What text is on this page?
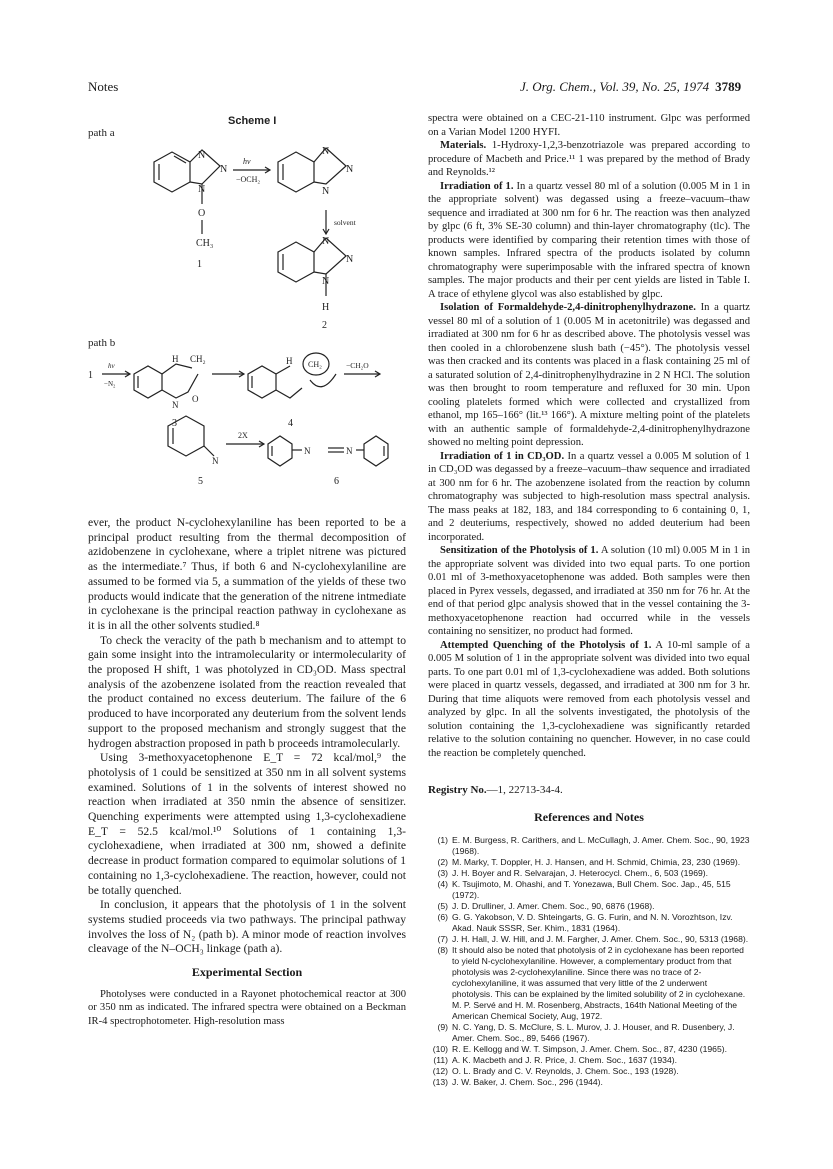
Notes	J. Org. Chem., Vol. 39, No. 25, 1974 3789
Scheme I
path a
hν
−OCH₂
N
N
N
O
CH₃
1
N
N
N
solvent
N
N
N
H
2
path b
1
hν
−N₂
H CH₂
N
O
3
H CH₂	−CH₂O
4
N
2X
N	N
5	6

ever, the product N-cyclohexylaniline has been reported to be a principal product resulting from the thermal decomposition of azidobenzene in cyclohexane, where a triplet nitrene was pictured as the intermediate.⁷ Thus, if both 6 and N-cyclohexylaniline are assumed to be formed via 5, a summation of the yields of these two products would indicate that the generation of the nitrene intmediate in cyclohexane is the principal reaction pathway in cyclohexane as it is in all the other solvents studied.⁸

To check the veracity of the path b mechanism and to attempt to gain some insight into the intramolecularity or intermolecularity of the proposed H shift, 1 was photolyzed in CD₃OD. Mass spectral analysis of the azobenzene isolated from the reaction revealed that the product contained no excess deuterium. The failure of the 6 produced to have incorporated any deuterium from the solvent lends support to the proposed mechanism and strongly suggest that the hydrogen abstraction proposed in path b proceeds intramolecularly.

Using 3-methoxyacetophenone E_T = 72 kcal/mol,⁹ the photolysis of 1 could be sensitized at 350 nm in all solvent systems examined. Solutions of 1 in the solvents of interest showed no reaction when irradiated at 350 nmin the absence of sensitizer. Quenching experiments were attempted using 1,3-cyclohexadiene E_T = 52.5 kcal/mol.¹⁰ Solutions of 1 containing 1,3-cyclohexadiene, when irradiated at 300 nm, showed a definite decrease in product formation compared to equimolar solutions of 1 containing no 1,3-cyclohexadiene. The reaction, however, could not be totally quenched.

In conclusion, it appears that the photolysis of 1 in the solvent systems studied proceeds via two pathways. The principal pathway involves the loss of N₂ (path b). A minor mode of reaction involves cleavage of the N–OCH₃ linkage (path a).

Experimental Section

Photolyses were conducted in a Rayonet photochemical reactor at 300 or 350 nm as indicated. The infrared spectra were obtained on a Beckman IR-4 spectrophotometer. High-resolution mass

spectra were obtained on a CEC-21-110 instrument. Glpc was performed on a Varian Model 1200 HYFI.

Materials. 1-Hydroxy-1,2,3-benzotriazole was prepared according to procedure of Macbeth and Price.¹¹ 1 was prepared by the method of Brady and Reynolds.¹²

Irradiation of 1. In a quartz vessel 80 ml of a solution (0.005 M in 1 in the appropriate solvent) was degassed using a freeze–vacuum–thaw sequence and irradiated at 300 nm for 6 hr. The reaction was then analyzed by glpc (6 ft, 3% SE-30 column) and thin-layer chromatography (tlc). The products were identified by comparing their retention times with those of known samples. Infrared spectra of the products isolated by column chromatography were superimposable with the infrared spectra of known samples. The major products and their per cent yields are listed in Table I. A trace of ethylene glycol was also established by glpc.

Isolation of Formaldehyde-2,4-dinitrophenylhydrazone. In a quartz vessel 80 ml of a solution of 1 (0.005 M in acetonitrile) was degassed and irradiated at 300 nm for 6 hr as described above. The photolysis vessel was then cooled in a chlorobenzene slush bath (−45°). The photolysis vessel was then cracked and its contents was placed in a flask containing 25 ml of a saturated solution of 2,4-dinitrophenylhydrazine in 2 N HCl. The solution was then brought to room temperature and refluxed for 30 min. Upon cooling platelets formed which were collected and crystallized from ethanol, mp 165–166° (lit.¹³ 166°). A mixture melting point of the platelets with an authentic sample of formaldehyde-2,4-dinitrophenylhydrazone showed no melting point depression.

Irradiation of 1 in CD₃OD. In a quartz vessel a 0.005 M solution of 1 in CD₃OD was degassed by a freeze–vacuum–thaw sequence and irradiated at 300 nm for 6 hr. The azobenzene isolated from the reaction by column chromatography was subjected to high-resolution mass spectral analysis. The mass peaks at 182, 183, and 184 corresponding to 6 containing 0, 1, and 2 deuteriums, respectively, showed no added deuterium had been incorporated.

Sensitization of the Photolysis of 1. A solution (10 ml) 0.005 M in 1 in the appropriate solvent was divided into two equal parts. To one portion 0.01 ml of 3-methoxyacetophenone was added. Both samples were then placed in Pyrex vessels, degassed, and irradiated at 350 nm for 76 hr. At the end of that period glpc analysis showed that in the vessel containing the 3-methoxyacetophenone reaction had occurred while in the vessels containing no sensitizer, no product had formed.

Attempted Quenching of the Photolysis of 1. A 10-ml sample of a 0.005 M solution of 1 in the appropriate solvent was divided into two equal parts. To one part 0.01 ml of 1,3-cyclohexadiene was added. Both solutions were placed in quartz vessels, degassed, and irradiated at 300 nm for 3 hr. During that time aliquots were removed from each photolysis vessel and analyzed by glpc. In all the solvents investigated, the photolysis of the solution containing the 1,3-cyclohexadiene was significantly retarded relative to the solution containing no quencher. However, in no case could the reaction be completely quenched.

Registry No.—1, 22713-34-4.
References and Notes
(1) E. M. Burgess, R. Carithers, and L. McCullagh, J. Amer. Chem. Soc., 90, 1923 (1968).
(2) M. Marky, T. Doppler, H. J. Hansen, and H. Schmid, Chimia, 23, 230 (1969).
(3) J. H. Boyer and R. Selvarajan, J. Heterocycl. Chem., 6, 503 (1969).
(4) K. Tsujimoto, M. Ohashi, and T. Yonezawa, Bull Chem. Soc. Jap., 45, 515 (1972).
(5) J. D. Drulliner, J. Amer. Chem. Soc., 90, 6876 (1968).
(6) G. G. Yakobson, V. D. Shteingarts, G. G. Furin, and N. N. Vorozhtson, Izv. Akad. Nauk SSSR, Ser. Khim., 1831 (1964).
(7) J. H. Hall, J. W. Hill, and J. M. Fargher, J. Amer. Chem. Soc., 90, 5313 (1968).
(8) It should also be noted that photolysis of 2 in cyclohexane has been reported to yield N-cyclohexylaniline. However, a complementary product from that photolysis was 2-cyclohexylaniline. Since there was no trace of 2-cyclohexylaniline, it was assumed that very little of the 2 underwent photolysis. This can be explained by the limited solubility of 2 in cyclohexane. M. P. Servé and H. M. Rosenberg, Abstracts, 164th National Meeting of the American Chemical Society, Aug, 1972.
(9) N. C. Yang, D. S. McClure, S. L. Murov, J. J. Houser, and R. Dusenbery, J. Amer. Chem. Soc., 89, 5466 (1967).
(10) R. E. Kellogg and W. T. Simpson, J. Amer. Chem. Soc., 87, 4230 (1965).
(11) A. K. Macbeth and J. R. Price, J. Chem. Soc., 1637 (1934).
(12) O. L. Brady and C. V. Reynolds, J. Chem. Soc., 193 (1928).
(13) J. W. Baker, J. Chem. Soc., 296 (1944).
